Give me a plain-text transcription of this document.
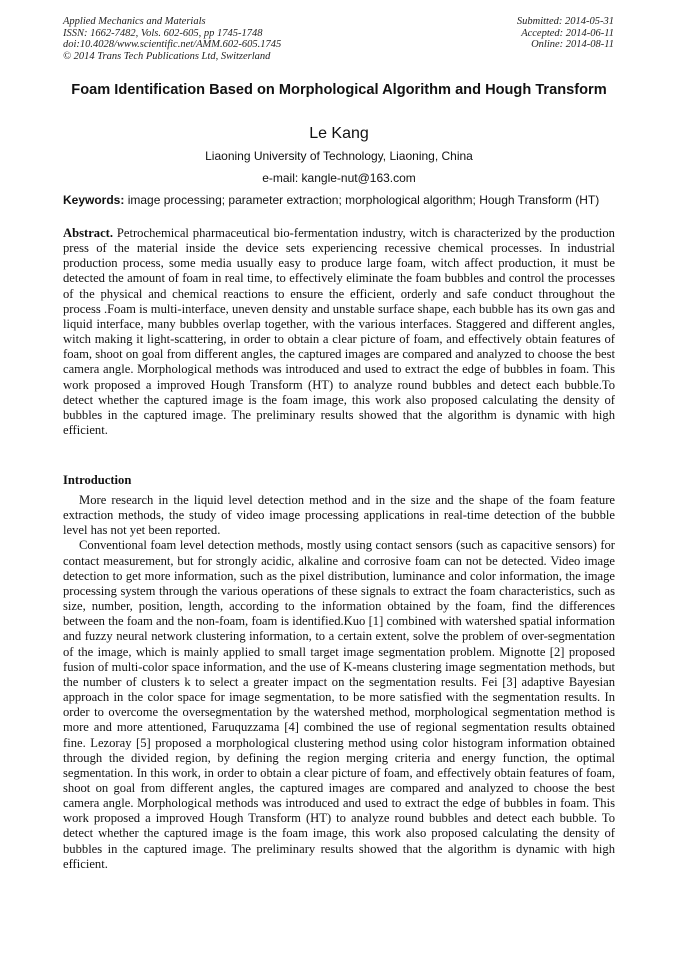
Applied Mechanics and Materials
ISSN: 1662-7482, Vols. 602-605, pp 1745-1748
doi:10.4028/www.scientific.net/AMM.602-605.1745
© 2014 Trans Tech Publications Ltd, Switzerland
Submitted: 2014-05-31
Accepted: 2014-06-11
Online: 2014-08-11
Foam Identification Based on Morphological Algorithm and Hough Transform
Le Kang
Liaoning University of Technology, Liaoning, China
e-mail: kangle-nut@163.com
Keywords: image processing; parameter extraction; morphological algorithm; Hough Transform (HT)
Abstract. Petrochemical pharmaceutical bio-fermentation industry, witch is characterized by the production press of the material inside the device sets experiencing recessive chemical processes. In industrial production process, some media usually easy to produce large foam, witch affect production, it must be detected the amount of foam in real time, to effectively eliminate the foam bubbles and control the processes of the physical and chemical reactions to ensure the efficient, orderly and safe conduct throughout the process .Foam is multi-interface, uneven density and unstable surface shape, each bubble has its own gas and liquid interface, many bubbles overlap together, with the various interfaces. Staggered and different angles, witch making it light-scattering, in order to obtain a clear picture of foam, and effectively obtain features of foam, shoot on goal from different angles, the captured images are compared and analyzed to choose the best camera angle. Morphological methods was introduced and used to extract the edge of bubbles in foam. This work proposed a improved Hough Transform (HT) to analyze round bubbles and detect each bubble.To detect whether the captured image is the foam image, this work also proposed calculating the density of bubbles in the captured image. The preliminary results showed that the algorithm is dynamic with high efficient.
Introduction

More research in the liquid level detection method and in the size and the shape of the foam feature extraction methods, the study of video image processing applications in real-time detection of the bubble level has not yet been reported.

Conventional foam level detection methods, mostly using contact sensors (such as capacitive sensors) for contact measurement, but for strongly acidic, alkaline and corrosive foam can not be detected. Video image detection to get more information, such as the pixel distribution, luminance and color information, the image processing system through the various operations of these signals to extract the foam characteristics, such as size, number, position, length, according to the information obtained by the foam, find the differences between the foam and the non-foam, foam is identified.Kuo [1] combined with watershed spatial information and fuzzy neural network clustering information, to a certain extent, solve the problem of over-segmentation of the image, which is mainly applied to small target image segmentation problem. Mignotte [2] proposed fusion of multi-color space information, and the use of K-means clustering image segmentation methods, but the number of clusters k to select a greater impact on the segmentation results. Fei [3] adaptive Bayesian approach in the color space for image segmentation, to be more satisfied with the segmentation results. In order to overcome the oversegmentation by the watershed method, morphological segmentation method is more and more attentioned, Faruquzzama [4] combined the use of regional segmentation results obtained fine. Lezoray [5] proposed a morphological clustering method using color histogram information obtained through the divided region, by defining the region merging criteria and energy function, the optimal segmentation. In this work, in order to obtain a clear picture of foam, and effectively obtain features of foam, shoot on goal from different angles, the captured images are compared and analyzed to choose the best camera angle. Morphological methods was introduced and used to extract the edge of bubbles in foam. This work proposed a improved Hough Transform (HT) to analyze round bubbles and detect each bubble. To detect whether the captured image is the foam image, this work also proposed calculating the density of bubbles in the captured image. The preliminary results showed that the algorithm is dynamic with high efficient.
